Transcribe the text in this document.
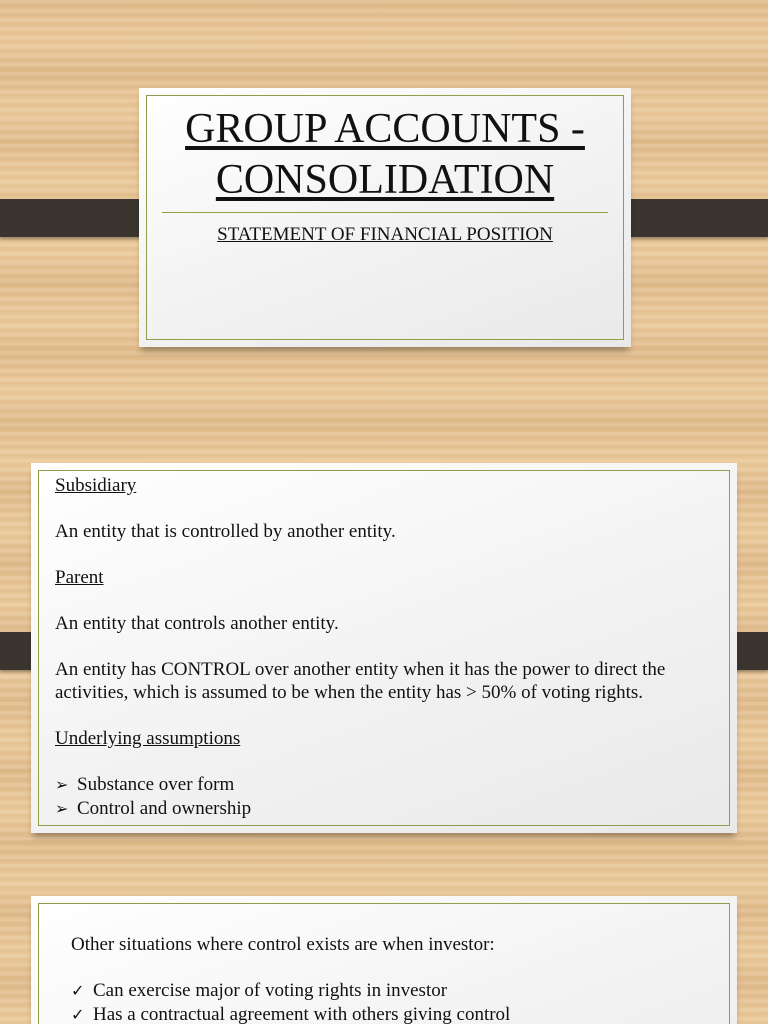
GROUP ACCOUNTS -
CONSOLIDATION
STATEMENT OF FINANCIAL POSITION
Subsidiary
An entity that is controlled by another entity.
Parent
An entity that controls another entity.
An entity has CONTROL over another entity when it has the power to direct the
activities, which is assumed to be when the entity has > 50% of voting rights.
Underlying assumptions
➢ Substance over form
➢ Control and ownership
Other situations where control exists are when investor:
✓ Can exercise major of voting rights in investor
✓ Has a contractual agreement with others giving control
